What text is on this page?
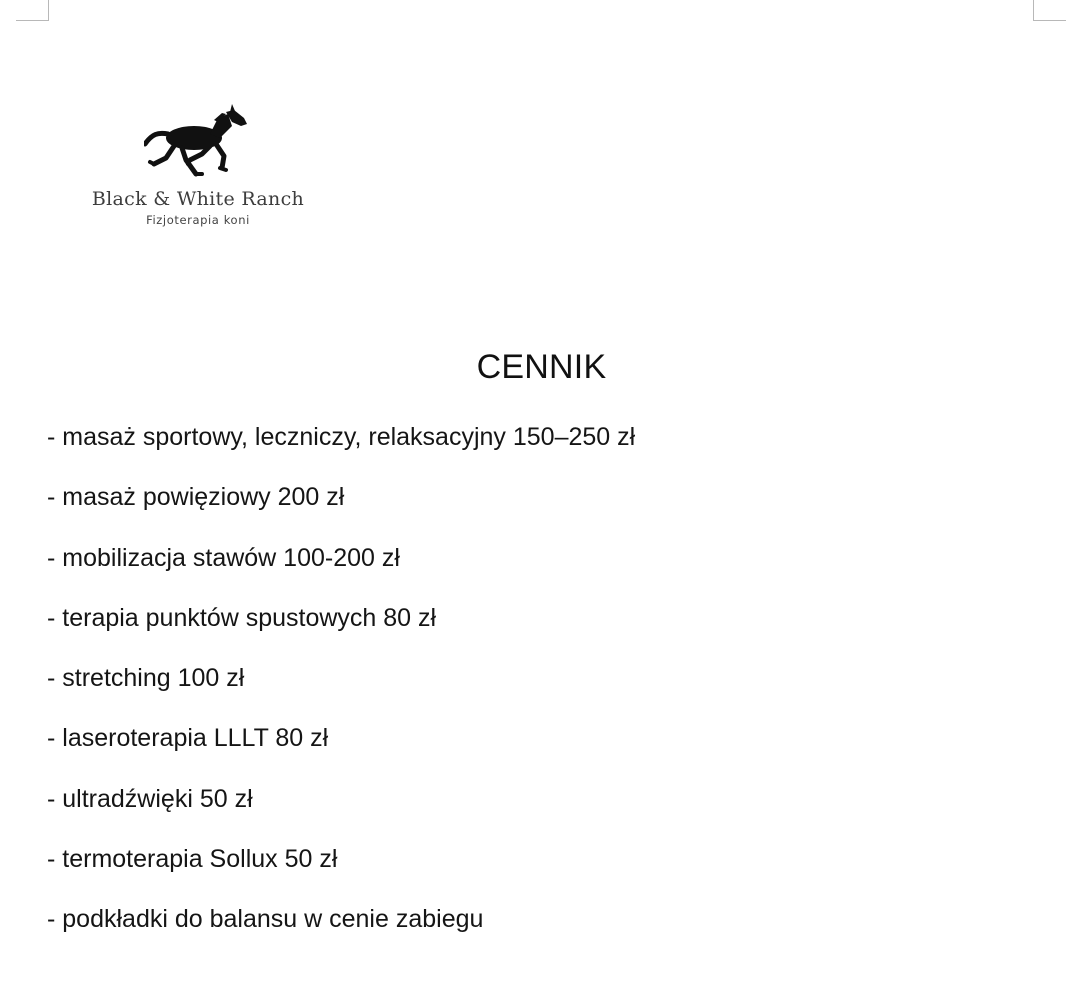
Black & White Ranch
Fizjoterapia koni
CENNIK
- masaż sportowy, leczniczy, relaksacyjny 150–250 zł
- masaż powięziowy 200 zł
- mobilizacja stawów 100-200 zł
- terapia punktów spustowych 80 zł
- stretching 100 zł
- laseroterapia LLLT 80 zł
- ultradźwięki 50 zł
- termoterapia Sollux 50 zł
- podkładki do balansu w cenie zabiegu
